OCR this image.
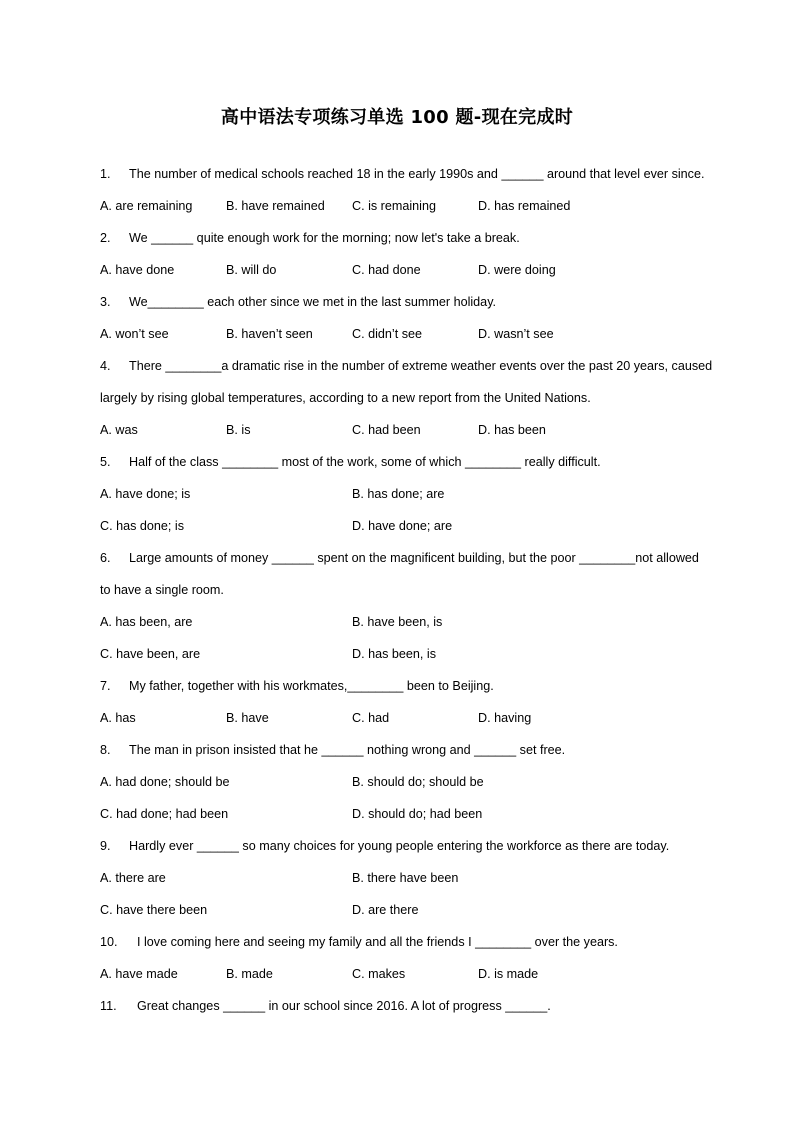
高中语法专项练习单选 100 题-现在完成时
1. The number of medical schools reached 18 in the early 1990s and ______ around that level ever since.
A. are remaining	B. have remained	C. is remaining	D. has remained
2. We ______ quite enough work for the morning; now let's take a break.
A. have done	B. will do	C. had done	D. were doing
3. We________ each other since we met in the last summer holiday.
A. won’t see	B. haven’t seen	C. didn’t see	D. wasn’t see
4. There ________a dramatic rise in the number of extreme weather events over the past 20 years, caused
largely by rising global temperatures, according to a new report from the United Nations.
A. was	B. is	C. had been	D. has been
5. Half of the class ________ most of the work, some of which ________ really difficult.
A. have done; is	B. has done; are
C. has done; is	D. have done; are
6. Large amounts of money ______ spent on the magnificent building, but the poor ________not allowed
to have a single room.
A. has been, are	B. have been, is
C. have been, are	D. has been, is
7. My father, together with his workmates,________ been to Beijing.
A. has	B. have	C. had	D. having
8. The man in prison insisted that he ______ nothing wrong and ______ set free.
A. had done; should be	B. should do; should be
C. had done; had been	D. should do; had been
9. Hardly ever ______ so many choices for young people entering the workforce as there are today.
A. there are	B. there have been
C. have there been	D. are there
10. I love coming here and seeing my family and all the friends I ________ over the years.
A. have made	B. made	C. makes	D. is made
11. Great changes ______ in our school since 2016. A lot of progress ______.
